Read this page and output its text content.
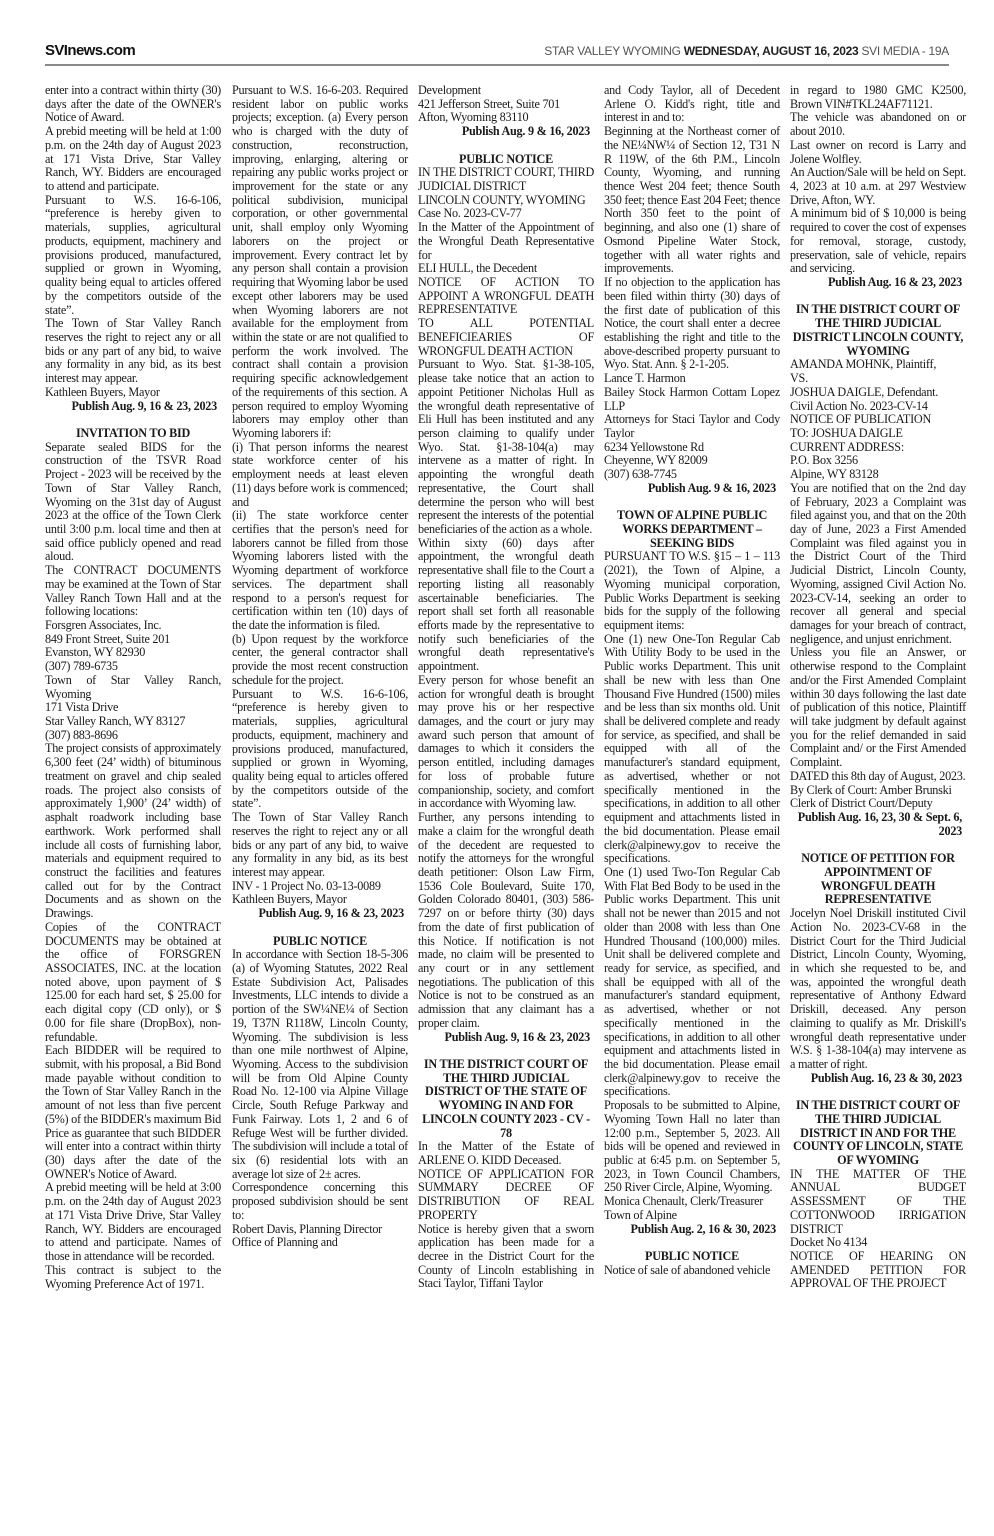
SVInews.com	STAR VALLEY WYOMING WEDNESDAY, AUGUST 16, 2023 SVI MEDIA - 19A

enter into a contract within thirty (30) days after the date of the OWNER's Notice of Award.

A prebid meeting will be held at 1:00 p.m. on the 24th day of August 2023 at 171 Vista Drive, Star Valley Ranch, WY. Bidders are encouraged to attend and participate.

Pursuant to W.S. 16-6-106, “preference is hereby given to materials, supplies, agricultural products, equipment, machinery and provisions produced, manufactured, supplied or grown in Wyoming, quality being equal to articles offered by the competitors outside of the state”.

The Town of Star Valley Ranch reserves the right to reject any or all bids or any part of any bid, to waive any formality in any bid, as its best interest may appear.

Kathleen Buyers, Mayor

Publish Aug. 9, 16 & 23, 2023

INVITATION TO BID

Separate sealed BIDS for the construction of the TSVR Road Project - 2023 will be received by the Town of Star Valley Ranch, Wyoming on the 31st day of August 2023 at the office of the Town Clerk until 3:00 p.m. local time and then at said office publicly opened and read aloud.

The CONTRACT DOCUMENTS may be examined at the Town of Star Valley Ranch Town Hall and at the following locations:

Forsgren Associates, Inc.

849 Front Street, Suite 201

Evanston, WY 82930

(307) 789-6735

Town of Star Valley Ranch, Wyoming

171 Vista Drive

Star Valley Ranch, WY 83127

(307) 883-8696

The project consists of approximately 6,300 feet (24’ width) of bituminous treatment on gravel and chip sealed roads. The project also consists of approximately 1,900’ (24’ width) of asphalt roadwork including base earthwork. Work performed shall include all costs of furnishing labor, materials and equipment required to construct the facilities and features called out for by the Contract Documents and as shown on the Drawings.

Copies of the CONTRACT DOCUMENTS may be obtained at the office of FORSGREN ASSOCIATES, INC. at the location noted above, upon payment of $ 125.00 for each hard set, $ 25.00 for each digital copy (CD only), or $ 0.00 for file share (DropBox), non-refundable.

Each BIDDER will be required to submit, with his proposal, a Bid Bond made payable without condition to the Town of Star Valley Ranch in the amount of not less than five percent (5%) of the BIDDER's maximum Bid Price as guarantee that such BIDDER will enter into a contract within thirty (30) days after the date of the OWNER's Notice of Award.

A prebid meeting will be held at 3:00 p.m. on the 24th day of August 2023 at 171 Vista Drive Drive, Star Valley Ranch, WY. Bidders are encouraged to attend and participate. Names of those in attendance will be recorded.

This contract is subject to the Wyoming Preference Act of 1971.

Pursuant to W.S. 16-6-203. Required resident labor on public works projects; exception. (a) Every person who is charged with the duty of construction, reconstruction, improving, enlarging, altering or repairing any public works project or improvement for the state or any political subdivision, municipal corporation, or other governmental unit, shall employ only Wyoming laborers on the project or improvement. Every contract let by any person shall contain a provision requiring that Wyoming labor be used except other laborers may be used when Wyoming laborers are not available for the employment from within the state or are not qualified to perform the work involved. The contract shall contain a provision requiring specific acknowledgement of the requirements of this section. A person required to employ Wyoming laborers may employ other than Wyoming laborers if:

(i) That person informs the nearest state workforce center of his employment needs at least eleven (11) days before work is commenced; and

(ii) The state workforce center certifies that the person's need for laborers cannot be filled from those Wyoming laborers listed with the Wyoming department of workforce services. The department shall respond to a person's request for certification within ten (10) days of the date the information is filed.

(b) Upon request by the workforce center, the general contractor shall provide the most recent construction schedule for the project.

Pursuant to W.S. 16-6-106, “preference is hereby given to materials, supplies, agricultural products, equipment, machinery and provisions produced, manufactured, supplied or grown in Wyoming, quality being equal to articles offered by the competitors outside of the state”.

The Town of Star Valley Ranch reserves the right to reject any or all bids or any part of any bid, to waive any formality in any bid, as its best interest may appear.

INV - 1 Project No. 03-13-0089

Kathleen Buyers, Mayor

Publish Aug. 9, 16 & 23, 2023

PUBLIC NOTICE

In accordance with Section 18-5-306 (a) of Wyoming Statutes, 2022 Real Estate Subdivision Act, Palisades Investments, LLC intends to divide a portion of the SW¼NE¼ of Section 19, T37N R118W, Lincoln County, Wyoming. The subdivision is less than one mile northwest of Alpine, Wyoming. Access to the subdivision will be from Old Alpine County Road No. 12-100 via Alpine Village Circle, South Refuge Parkway and Funk Fairway. Lots 1, 2 and 6 of Refuge West will be further divided. The subdivision will include a total of six (6) residential lots with an average lot size of 2± acres.

Correspondence concerning this proposed subdivision should be sent to:

Robert Davis, Planning Director

Office of Planning and

Development

421 Jefferson Street, Suite 701

Afton, Wyoming 83110

Publish Aug. 9 & 16, 2023

PUBLIC NOTICE

IN THE DISTRICT COURT, THIRD JUDICIAL DISTRICT

LINCOLN COUNTY, WYOMING

Case No. 2023-CV-77

In the Matter of the Appointment of the Wrongful Death Representative for

ELI HULL, the Decedent

NOTICE OF ACTION TO APPOINT A WRONGFUL DEATH REPRESENTATIVE

TO ALL POTENTIAL BENEFICIEARIES OF WRONGFUL DEATH ACTION

Pursuant to Wyo. Stat. §1-38-105, please take notice that an action to appoint Petitioner Nicholas Hull as the wrongful death representative of Eli Hull has been instituted and any person claiming to qualify under Wyo. Stat. §1-38-104(a) may intervene as a matter of right. In appointing the wrongful death representative, the Court shall determine the person who will best represent the interests of the potential beneficiaries of the action as a whole.

Within sixty (60) days after appointment, the wrongful death representative shall file to the Court a reporting listing all reasonably ascertainable beneficiaries. The report shall set forth all reasonable efforts made by the representative to notify such beneficiaries of the wrongful death representative's appointment.

Every person for whose benefit an action for wrongful death is brought may prove his or her respective damages, and the court or jury may award such person that amount of damages to which it considers the person entitled, including damages for loss of probable future companionship, society, and comfort in accordance with Wyoming law.

Further, any persons intending to make a claim for the wrongful death of the decedent are requested to notify the attorneys for the wrongful death petitioner: Olson Law Firm, 1536 Cole Boulevard, Suite 170, Golden Colorado 80401, (303) 586-7297 on or before thirty (30) days from the date of first publication of this Notice. If notification is not made, no claim will be presented to any court or in any settlement negotiations. The publication of this Notice is not to be construed as an admission that any claimant has a proper claim.

Publish Aug. 9, 16 & 23, 2023

IN THE DISTRICT COURT OF THE THIRD JUDICIAL DISTRICT OF THE STATE OF WYOMING IN AND FOR LINCOLN COUNTY 2023 - CV - 78

In the Matter of the Estate of ARLENE O. KIDD Deceased.

NOTICE OF APPLICATION FOR SUMMARY DECREE OF DISTRIBUTION OF REAL PROPERTY

Notice is hereby given that a sworn application has been made for a decree in the District Court for the County of Lincoln establishing in Staci Taylor, Tiffani Taylor

and Cody Taylor, all of Decedent Arlene O. Kidd's right, title and interest in and to:

Beginning at the Northeast corner of the NE¼NW¼ of Section 12, T31 N R 119W, of the 6th P.M., Lincoln County, Wyoming, and running thence West 204 feet; thence South 350 feet; thence East 204 Feet; thence North 350 feet to the point of beginning, and also one (1) share of Osmond Pipeline Water Stock, together with all water rights and improvements.

If no objection to the application has been filed within thirty (30) days of the first date of publication of this Notice, the court shall enter a decree establishing the right and title to the above-described property pursuant to Wyo. Stat. Ann. § 2-1-205.

Lance T. Harmon

Bailey Stock Harmon Cottam Lopez LLP

Attorneys for Staci Taylor and Cody Taylor

6234 Yellowstone Rd

Cheyenne, WY 82009

(307) 638-7745

Publish Aug. 9 & 16, 2023

TOWN OF ALPINE PUBLIC WORKS DEPARTMENT – SEEKING BIDS

PURSUANT TO W.S. §15 – 1 – 113 (2021), the Town of Alpine, a Wyoming municipal corporation, Public Works Department is seeking bids for the supply of the following equipment items:

One (1) new One-Ton Regular Cab With Utility Body to be used in the Public works Department. This unit shall be new with less than One Thousand Five Hundred (1500) miles and be less than six months old. Unit shall be delivered complete and ready for service, as specified, and shall be equipped with all of the manufacturer's standard equipment, as advertised, whether or not specifically mentioned in the specifications, in addition to all other equipment and attachments listed in the bid documentation. Please email clerk@alpinewy.gov to receive the specifications.

One (1) used Two-Ton Regular Cab With Flat Bed Body to be used in the Public works Department. This unit shall not be newer than 2015 and not older than 2008 with less than One Hundred Thousand (100,000) miles. Unit shall be delivered complete and ready for service, as specified, and shall be equipped with all of the manufacturer's standard equipment, as advertised, whether or not specifically mentioned in the specifications, in addition to all other equipment and attachments listed in the bid documentation. Please email clerk@alpinewy.gov to receive the specifications.

Proposals to be submitted to Alpine, Wyoming Town Hall no later than 12:00 p.m., September 5, 2023. All bids will be opened and reviewed in public at 6:45 p.m. on September 5, 2023, in Town Council Chambers, 250 River Circle, Alpine, Wyoming.

Monica Chenault, Clerk/Treasurer

Town of Alpine

Publish Aug. 2, 16 & 30, 2023

PUBLIC NOTICE

Notice of sale of abandoned vehicle

in regard to 1980 GMC K2500, Brown VIN#TKL24AF71121.

The vehicle was abandoned on or about 2010.

Last owner on record is Larry and Jolene Wolfley.

An Auction/Sale will be held on Sept. 4, 2023 at 10 a.m. at 297 Westview Drive, Afton, WY.

A minimum bid of $ 10,000 is being required to cover the cost of expenses for removal, storage, custody, preservation, sale of vehicle, repairs and servicing.

Publish Aug. 16 & 23, 2023

IN THE DISTRICT COURT OF THE THIRD JUDICIAL DISTRICT LINCOLN COUNTY, WYOMING

AMANDA MOHNK, Plaintiff,

VS.

JOSHUA DAIGLE, Defendant.

Civil Action No. 2023-CV-14

NOTICE OF PUBLICATION

TO: JOSHUA DAIGLE

CURRENT ADDRESS:

P.O. Box 3256

Alpine, WY 83128

You are notified that on the 2nd day of February, 2023 a Complaint was filed against you, and that on the 20th day of June, 2023 a First Amended Complaint was filed against you in the District Court of the Third Judicial District, Lincoln County, Wyoming, assigned Civil Action No. 2023-CV-14, seeking an order to recover all general and special damages for your breach of contract, negligence, and unjust enrichment.

Unless you file an Answer, or otherwise respond to the Complaint and/or the First Amended Complaint within 30 days following the last date of publication of this notice, Plaintiff will take judgment by default against you for the relief demanded in said Complaint and/ or the First Amended Complaint.

DATED this 8th day of August, 2023.

By Clerk of Court: Amber Brunski

Clerk of District Court/Deputy

Publish Aug. 16, 23, 30 & Sept. 6, 2023

NOTICE OF PETITION FOR APPOINTMENT OF WRONGFUL DEATH REPRESENTATIVE

Jocelyn Noel Driskill instituted Civil Action No. 2023-CV-68 in the District Court for the Third Judicial District, Lincoln County, Wyoming, in which she requested to be, and was, appointed the wrongful death representative of Anthony Edward Driskill, deceased. Any person claiming to qualify as Mr. Driskill's wrongful death representative under W.S. § 1-38-104(a) may intervene as a matter of right.

Publish Aug. 16, 23 & 30, 2023

IN THE DISTRICT COURT OF THE THIRD JUDICIAL DISTRICT IN AND FOR THE COUNTY OF LINCOLN, STATE OF WYOMING

IN THE MATTER OF THE ANNUAL BUDGET ASSESSMENT OF THE COTTONWOOD IRRIGATION DISTRICT

Docket No 4134

NOTICE OF HEARING ON AMENDED PETITION FOR APPROVAL OF THE PROJECT
